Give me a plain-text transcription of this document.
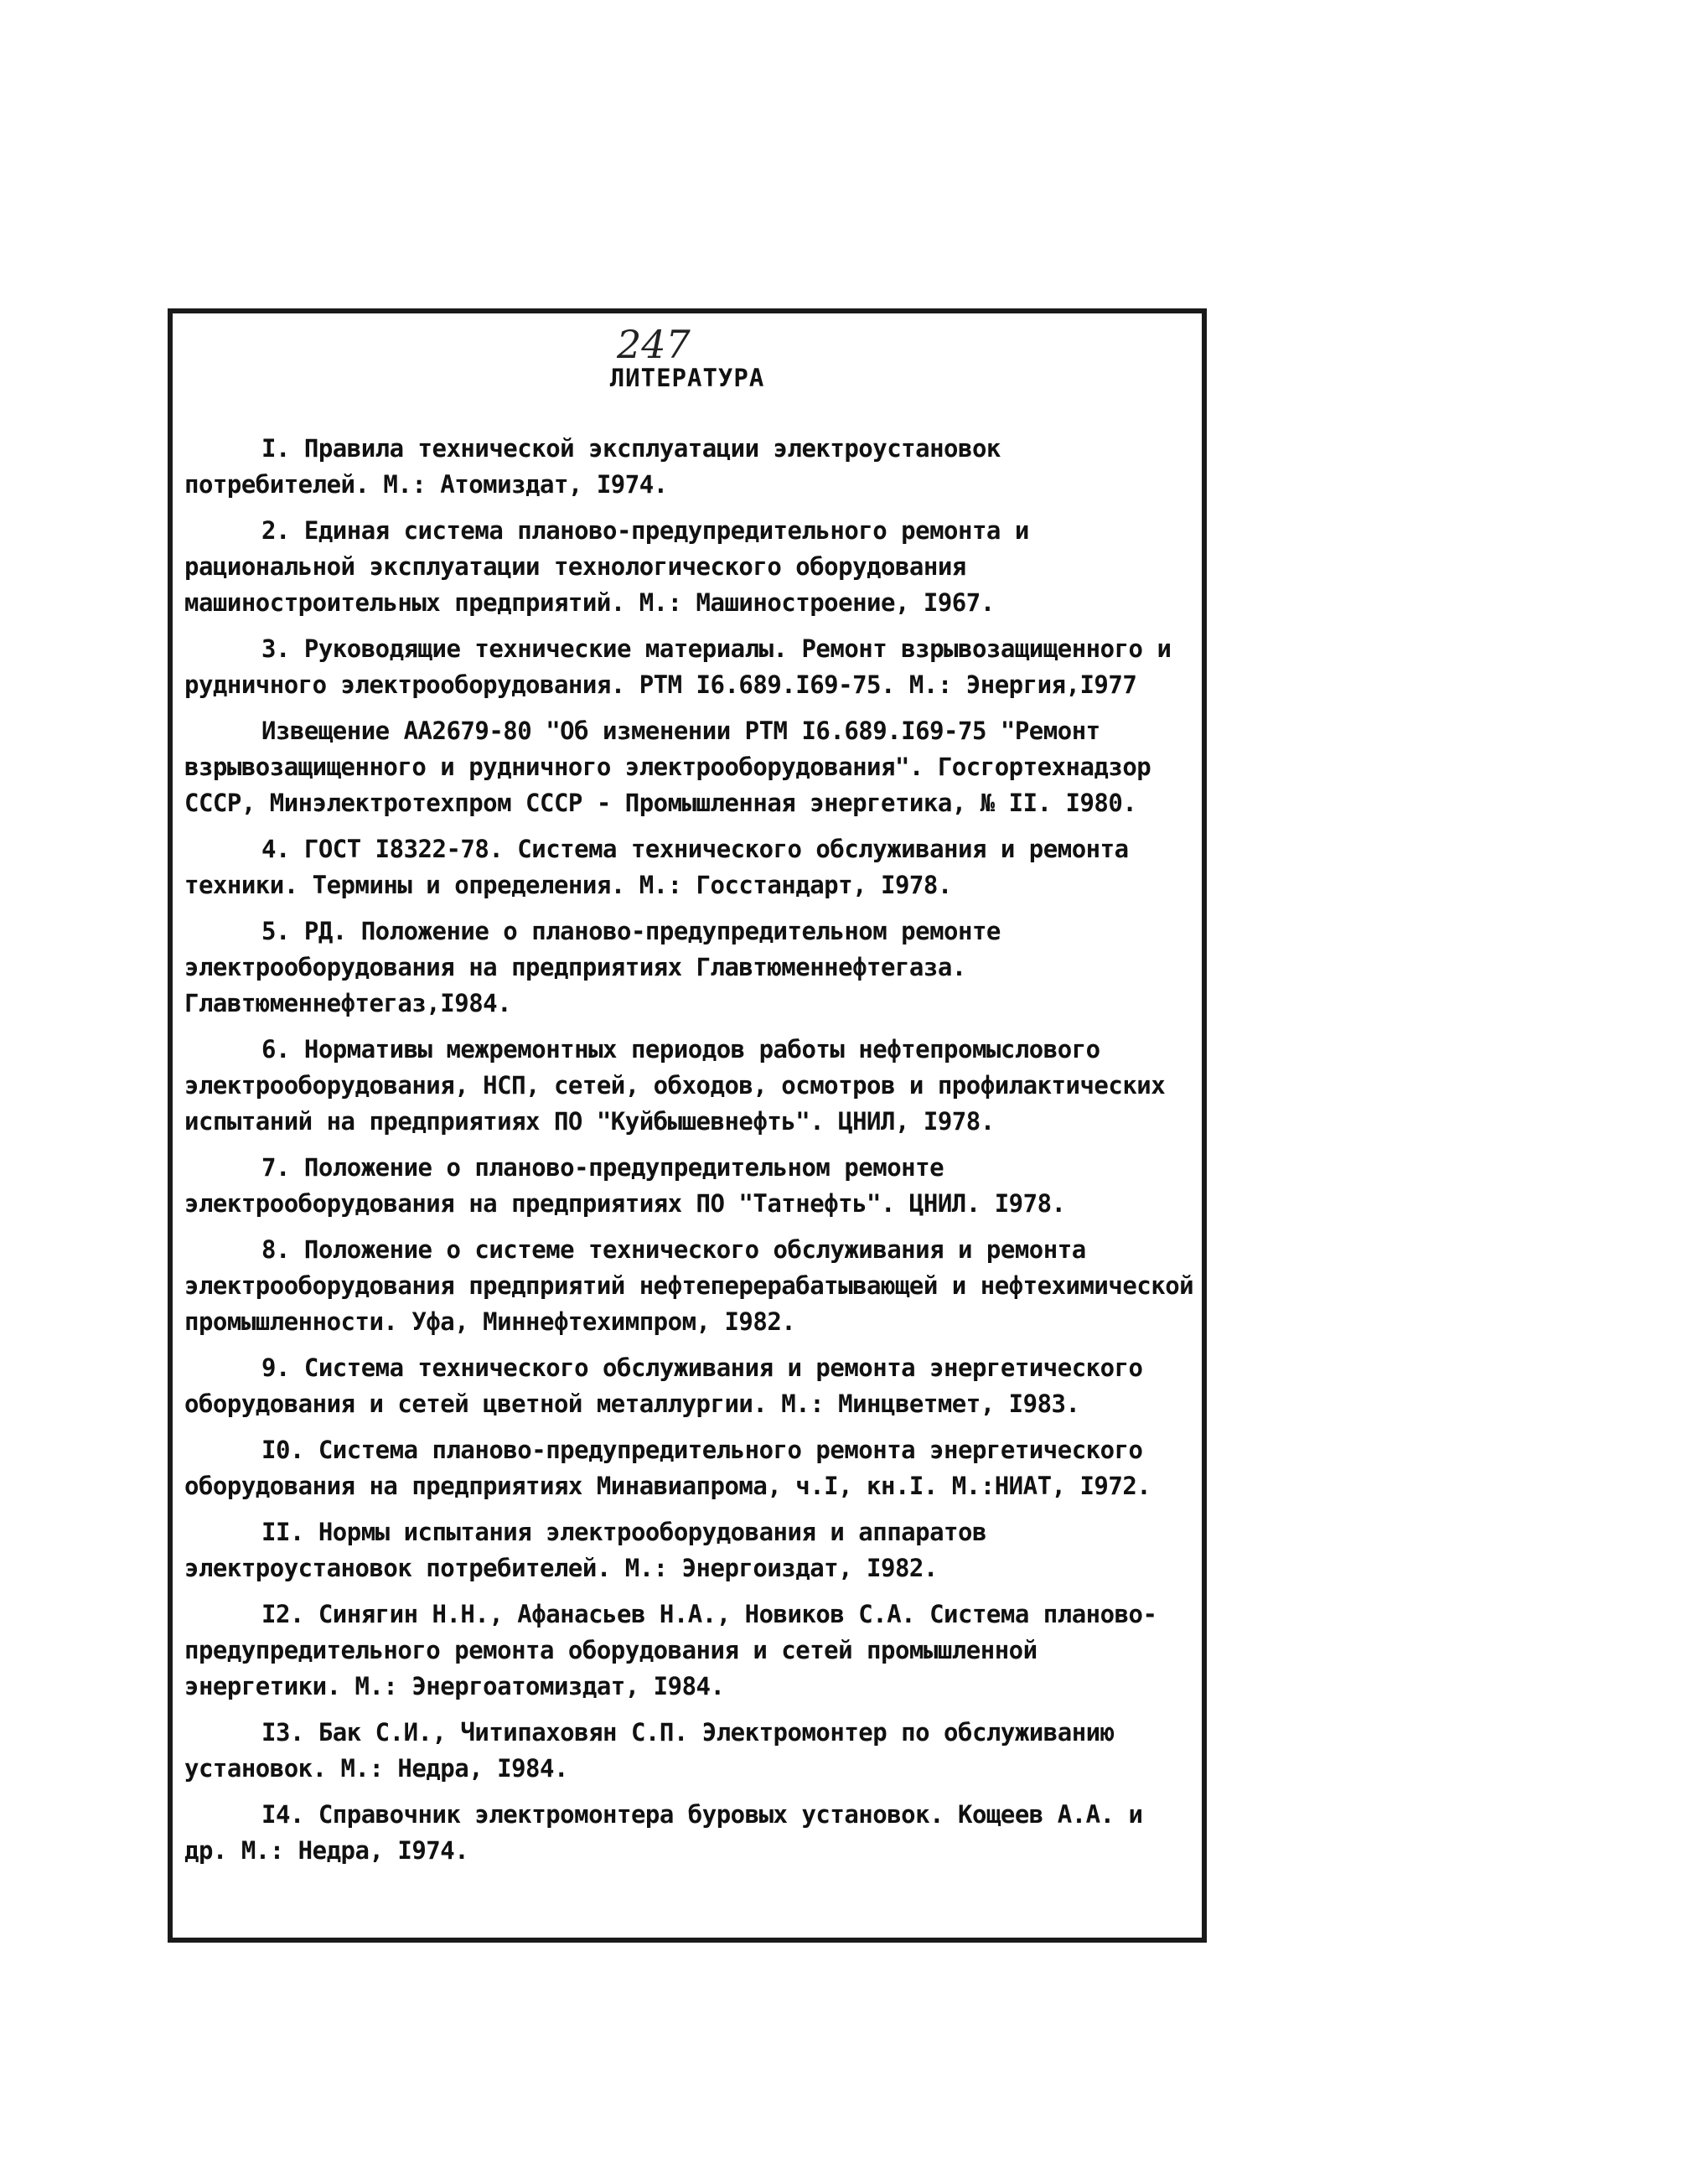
247
ЛИТЕРАТУРА

I. Правила технической эксплуатации электроустановок потребителей. М.: Атомиздат, I974.

2. Единая система планово-предупредительного ремонта и рациональной эксплуатации технологического оборудования машиностроительных предприятий. М.: Машиностроение, I967.

3. Руководящие технические материалы. Ремонт взрывозащищенного и рудничного электрооборудования. РТМ I6.689.I69-75. М.: Энергия,I977

Извещение АА2679-80 "Об изменении РТМ I6.689.I69-75 "Ремонт взрывозащищенного и рудничного электрооборудования". Госгортехнадзор СССР, Минэлектротехпром СССР - Промышленная энергетика, № II. I980.

4. ГОСТ I8322-78. Система технического обслуживания и ремонта техники. Термины и определения. М.: Госстандарт, I978.

5. РД. Положение о планово-предупредительном ремонте электрооборудования на предприятиях Главтюменнефтегаза. Главтюменнефтегаз,I984.

6. Нормативы межремонтных периодов работы нефтепромыслового электрооборудования, НСП, сетей, обходов, осмотров и профилактических испытаний на предприятиях ПО "Куйбышевнефть". ЦНИЛ, I978.

7. Положение о планово-предупредительном ремонте электрооборудования на предприятиях ПО "Татнефть". ЦНИЛ. I978.

8. Положение о системе технического обслуживания и ремонта электрооборудования предприятий нефтеперерабатывающей и нефтехимической промышленности. Уфа, Миннефтехимпром, I982.

9. Система технического обслуживания и ремонта энергетического оборудования и сетей цветной металлургии. М.: Минцветмет, I983.

I0. Система планово-предупредительного ремонта энергетического оборудования на предприятиях Минавиапрома, ч.I, кн.I. М.:НИАТ, I972.

II. Нормы испытания электрооборудования и аппаратов электроустановок потребителей. М.: Энергоиздат, I982.

I2. Синягин Н.Н., Афанасьев Н.А., Новиков С.А. Система планово-предупредительного ремонта оборудования и сетей промышленной энергетики. М.: Энергоатомиздат, I984.

I3. Бак С.И., Читипаховян С.П. Электромонтер по обслуживанию установок. М.: Недра, I984.

I4. Справочник электромонтера буровых установок. Кощеев А.А. и др. М.: Недра, I974.
